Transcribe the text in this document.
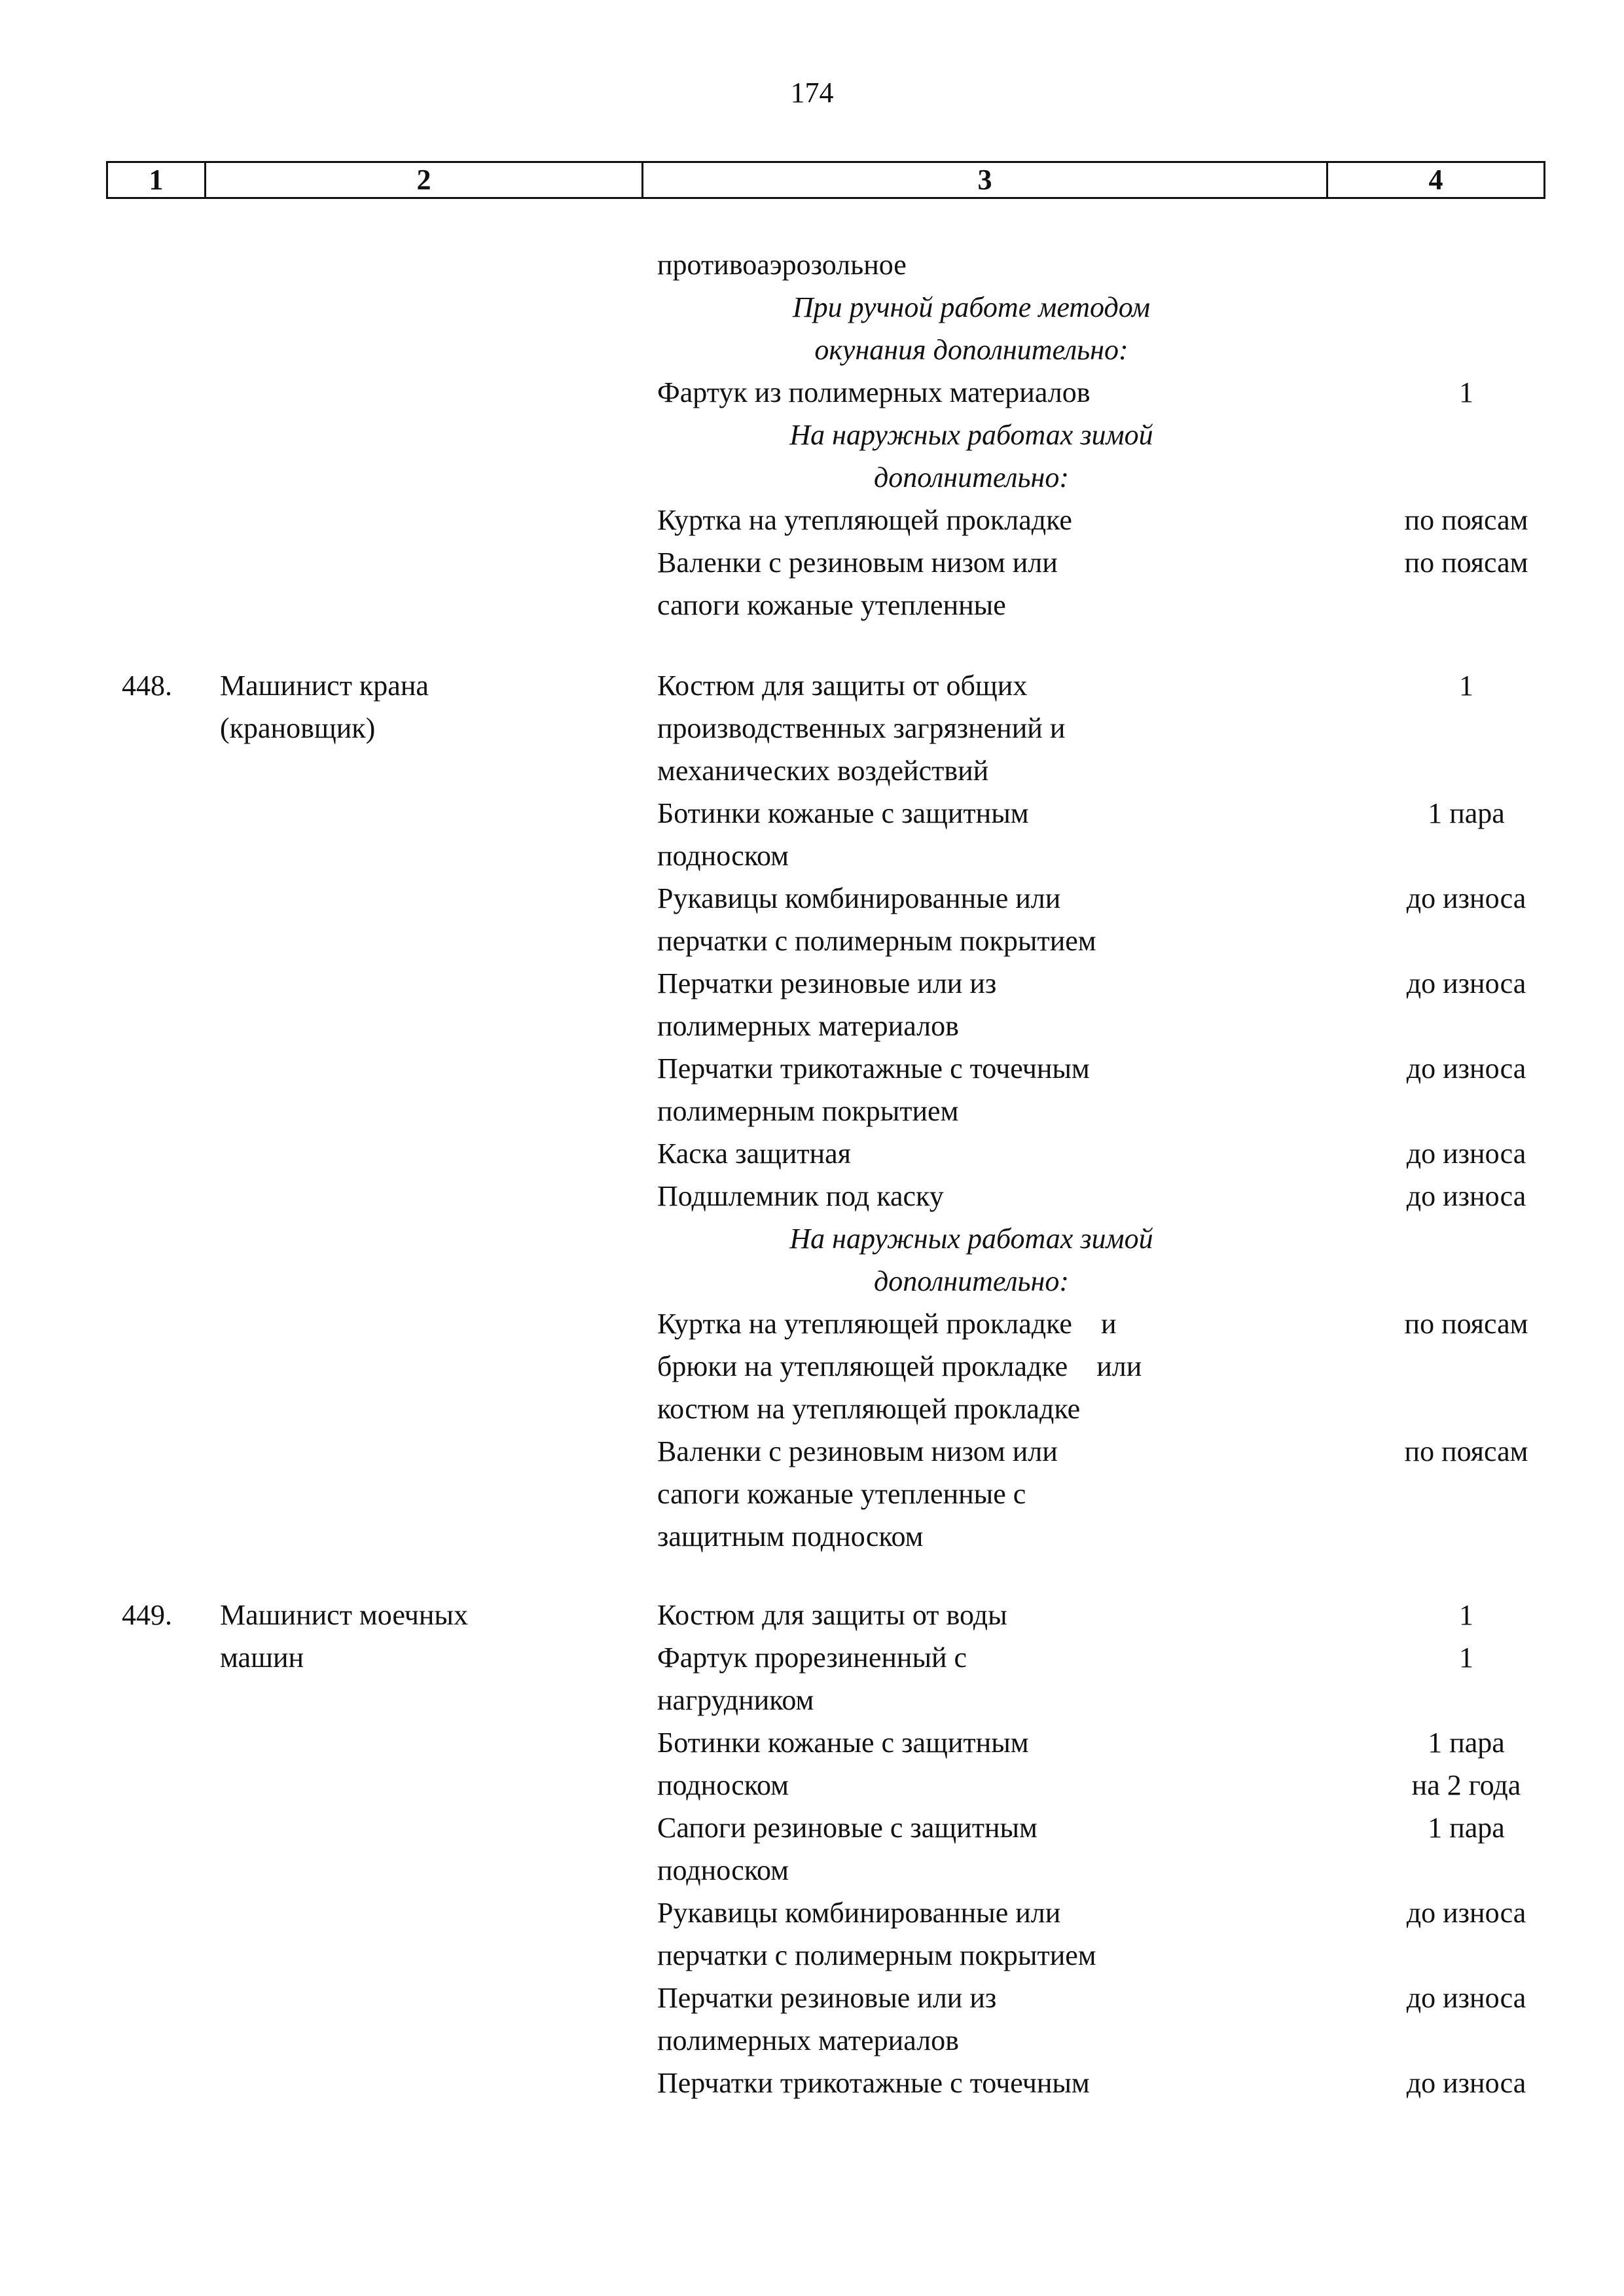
174
1	2	3	4
противоаэрозольное
При ручной работе методом
окунания дополнительно:
Фартук из полимерных материалов	1
На наружных работах зимой
дополнительно:
Куртка на утепляющей прокладке	по поясам
Валенки с резиновым низом или	по поясам
сапоги кожаные утепленные
448. Машинист крана	Костюм для защиты от общих	1
(крановщик)	производственных загрязнений и
механических воздействий
Ботинки кожаные с защитным	1 пара
подноском
Рукавицы комбинированные или	до износа
перчатки с полимерным покрытием
Перчатки резиновые или из	до износа
полимерных материалов
Перчатки трикотажные с точечным	до износа
полимерным покрытием
Каска защитная	до износа
Подшлемник под каску	до износа
На наружных работах зимой
дополнительно:
Куртка на утепляющей прокладке    и	по поясам
брюки на утепляющей прокладке    или
костюм на утепляющей прокладке
Валенки с резиновым низом или	по поясам
сапоги кожаные утепленные с
защитным подноском
449. Машинист моечных	Костюм для защиты от воды	1
машин	Фартук прорезиненный с	1
нагрудником
Ботинки кожаные с защитным	1 пара
подноском	на 2 года
Сапоги резиновые с защитным	1 пара
подноском
Рукавицы комбинированные или	до износа
перчатки с полимерным покрытием
Перчатки резиновые или из	до износа
полимерных материалов
Перчатки трикотажные с точечным	до износа
